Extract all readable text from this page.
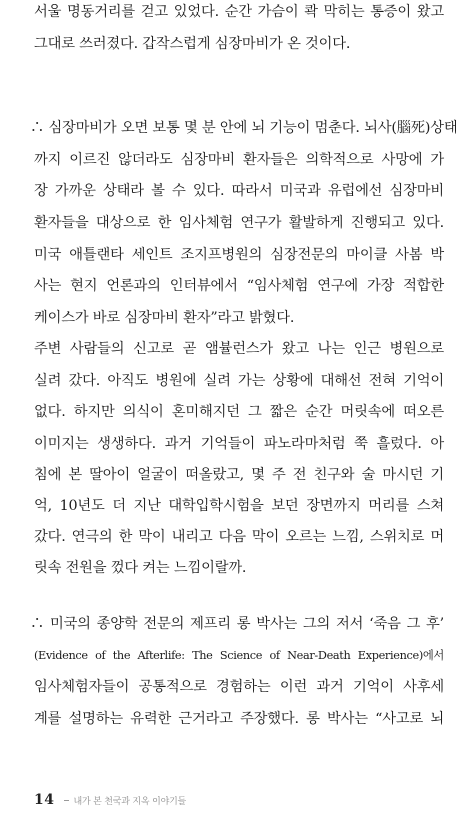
서울 명동거리를 걷고 있었다. 순간 가슴이 콱 막히는 통증이 왔고
그대로 쓰러졌다. 갑작스럽게 심장마비가 온 것이다.
∴ 심장마비가 오면 보통 몇 분 안에 뇌 기능이 멈춘다. 뇌사(腦死)상태
까지 이르진 않더라도 심장마비 환자들은 의학적으로 사망에 가
장 가까운 상태라 볼 수 있다. 따라서 미국과 유럽에선 심장마비
환자들을 대상으로 한 임사체험 연구가 활발하게 진행되고 있다.
미국 애틀랜타 세인트 조지프병원의 심장전문의 마이클 사봄 박
사는 현지 언론과의 인터뷰에서 “임사체험 연구에 가장 적합한
케이스가 바로 심장마비 환자”라고 밝혔다.
주변 사람들의 신고로 곧 앰뷸런스가 왔고 나는 인근 병원으로
실려 갔다. 아직도 병원에 실려 가는 상황에 대해선 전혀 기억이
없다. 하지만 의식이 혼미해지던 그 짧은 순간 머릿속에 떠오른
이미지는 생생하다. 과거 기억들이 파노라마처럼 쭉 흘렀다. 아
침에 본 딸아이 얼굴이 떠올랐고, 몇 주 전 친구와 술 마시던 기
억, 10년도 더 지난 대학입학시험을 보던 장면까지 머리를 스쳐
갔다. 연극의 한 막이 내리고 다음 막이 오르는 느낌, 스위치로 머
릿속 전원을 껐다 켜는 느낌이랄까.
∴ 미국의 종양학 전문의 제프리 롱 박사는 그의 저서 ‘죽음 그 후’
(Evidence of the Afterlife: The Science of Near-Death Experience)에서
임사체험자들이 공통적으로 경험하는 이런 과거 기억이 사후세
계를 설명하는 유력한 근거라고 주장했다. 롱 박사는 “사고로 뇌
14 내가 본 천국과 지옥 이야기들
